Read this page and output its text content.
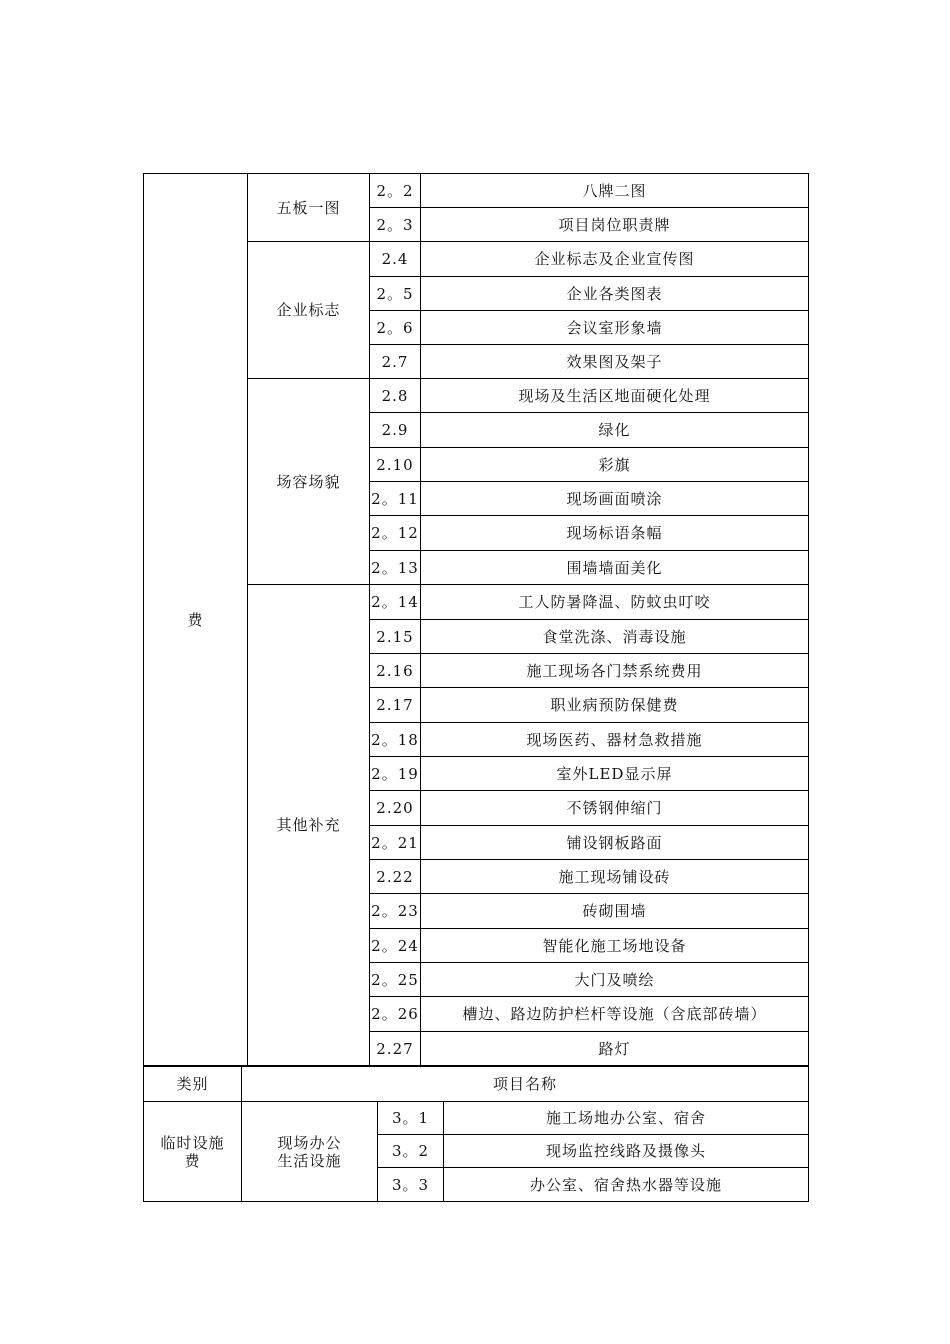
费	五板一图	2。2	八牌二图
		2。3	项目岗位职责牌
	企业标志	2.4	企业标志及企业宣传图
		2。5	企业各类图表
		2。6	会议室形象墙
		2.7	效果图及架子
	场容场貌	2.8	现场及生活区地面硬化处理
		2.9	绿化
		2.10	彩旗
		2。11	现场画面喷涂
		2。12	现场标语条幅
		2。13	围墙墙面美化
	其他补充	2。14	工人防暑降温、防蚊虫叮咬
		2.15	食堂洗涤、消毒设施
		2.16	施工现场各门禁系统费用
		2.17	职业病预防保健费
		2。18	现场医药、器材急救措施
		2。19	室外LED显示屏
		2.20	不锈钢伸缩门
		2。21	铺设钢板路面
		2.22	施工现场铺设砖
		2。23	砖砌围墙
		2。24	智能化施工场地设备
		2。25	大门及喷绘
		2。26	槽边、路边防护栏杆等设施（含底部砖墙）
		2.27	路灯
类别	项目名称		
临时设施费	现场办公生活设施	3。1	施工场地办公室、宿舍
		3。2	现场监控线路及摄像头
		3。3	办公室、宿舍热水器等设施
